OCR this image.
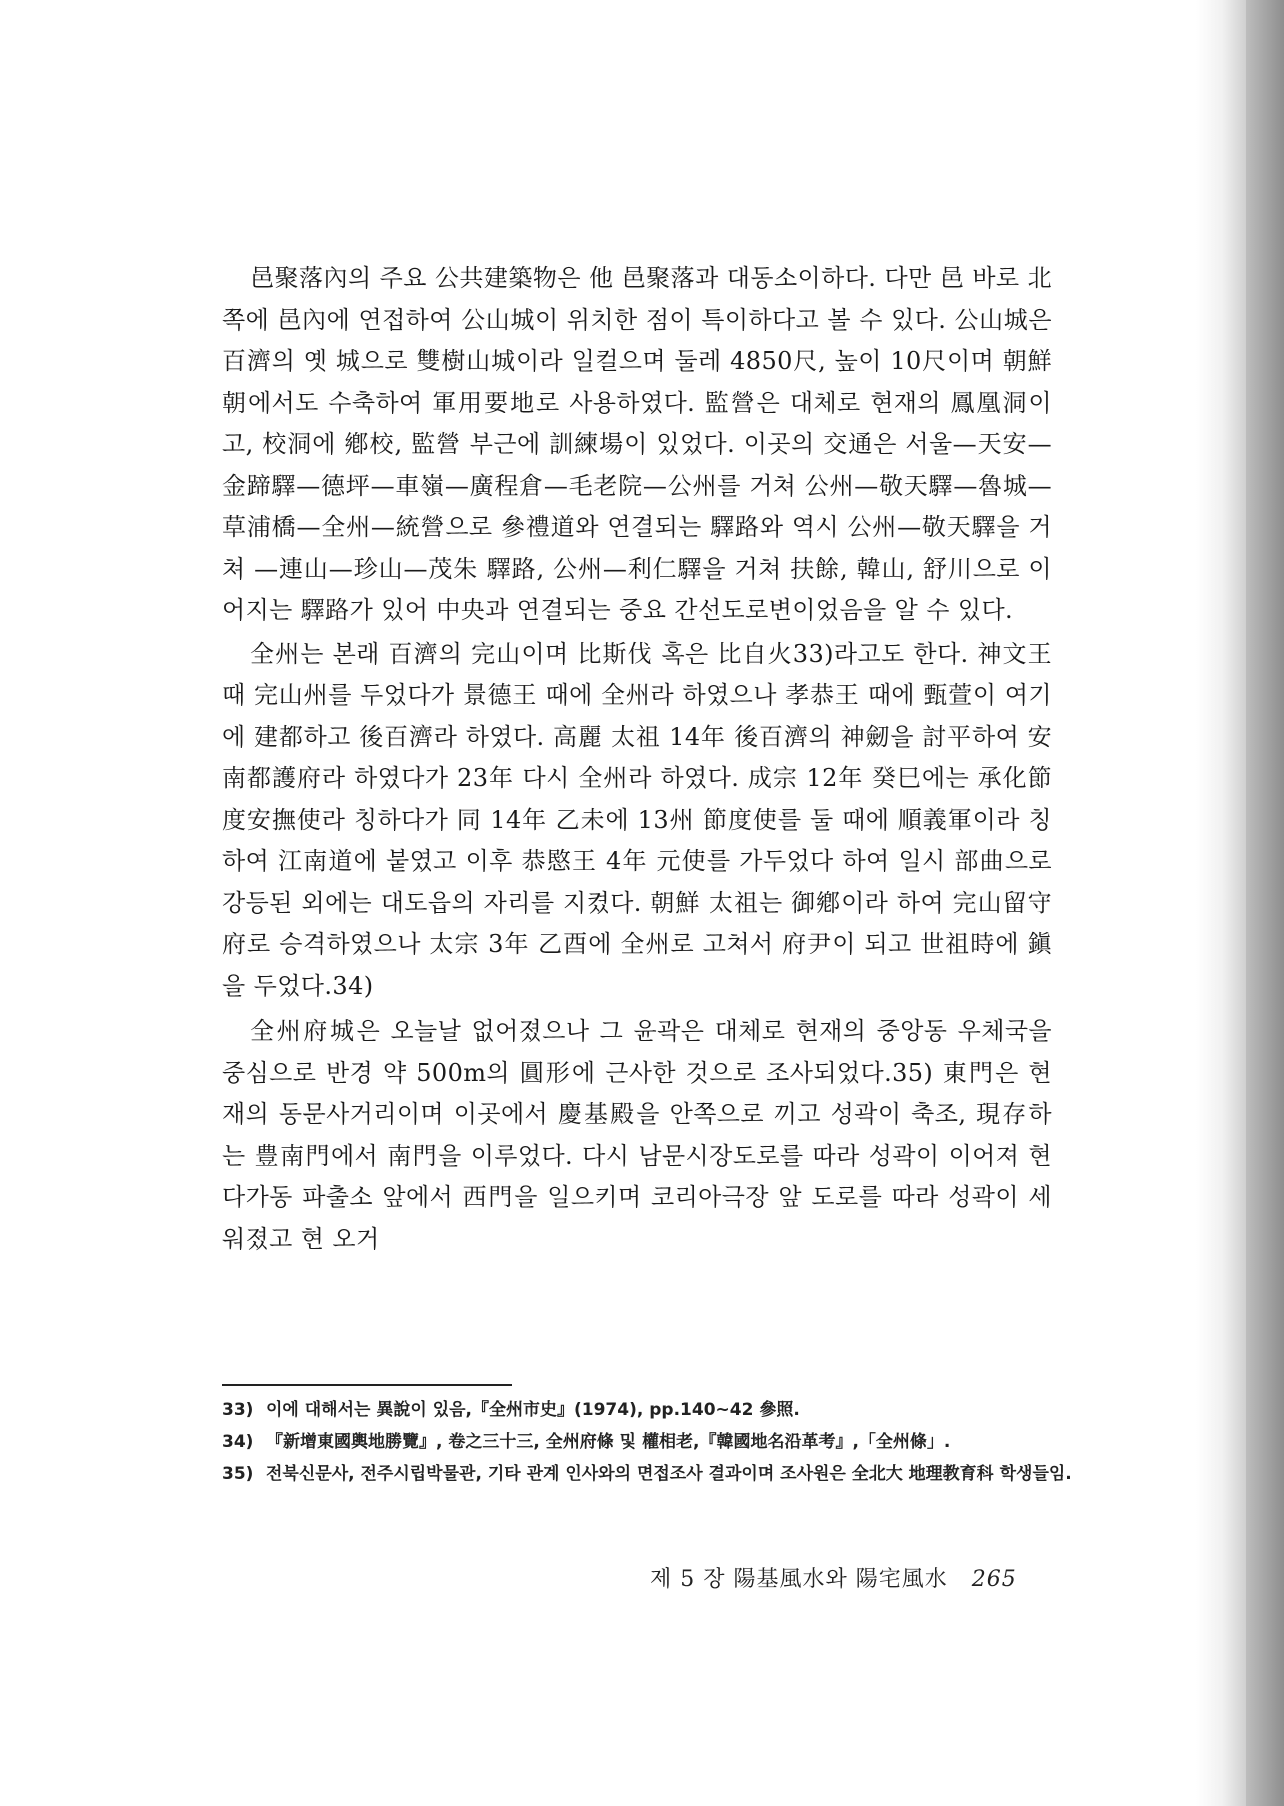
邑聚落內의 주요 公共建築物은 他 邑聚落과 대동소이하다. 다만 邑 바로 北쪽에 邑內에 연접하여 公山城이 위치한 점이 특이하다고 볼 수 있다. 公山城은 百濟의 옛 城으로 雙樹山城이라 일컬으며 둘레 4850尺, 높이 10尺이며 朝鮮朝에서도 수축하여 軍用要地로 사용하였다. 監營은 대체로 현재의 鳳凰洞이고, 校洞에 鄕校, 監營 부근에 訓練場이 있었다. 이곳의 交通은 서울—天安—金蹄驛—德坪—車嶺—廣程倉—毛老院—公州를 거쳐 公州—敬天驛—魯城—草浦橋—全州—統營으로 參禮道와 연결되는 驛路와 역시 公州—敬天驛을 거쳐 —連山—珍山—茂朱 驛路, 公州—利仁驛을 거쳐 扶餘, 韓山, 舒川으로 이어지는 驛路가 있어 中央과 연결되는 중요 간선도로변이었음을 알 수 있다.

全州는 본래 百濟의 完山이며 比斯伐 혹은 比自火33)라고도 한다. 神文王 때 完山州를 두었다가 景德王 때에 全州라 하였으나 孝恭王 때에 甄萱이 여기에 建都하고 後百濟라 하였다. 高麗 太祖 14年 後百濟의 神劒을 討平하여 安南都護府라 하였다가 23年 다시 全州라 하였다. 成宗 12年 癸巳에는 承化節度安撫使라 칭하다가 同 14年 乙未에 13州 節度使를 둘 때에 順義軍이라 칭하여 江南道에 붙였고 이후 恭愍王 4年 元使를 가두었다 하여 일시 部曲으로 강등된 외에는 대도읍의 자리를 지켰다. 朝鮮 太祖는 御鄕이라 하여 完山留守府로 승격하였으나 太宗 3年 乙酉에 全州로 고쳐서 府尹이 되고 世祖時에 鎭을 두었다.34)

全州府城은 오늘날 없어졌으나 그 윤곽은 대체로 현재의 중앙동 우체국을 중심으로 반경 약 500m의 圓形에 근사한 것으로 조사되었다.35) 東門은 현재의 동문사거리이며 이곳에서 慶基殿을 안쪽으로 끼고 성곽이 축조, 現存하는 豊南門에서 南門을 이루었다. 다시 남문시장도로를 따라 성곽이 이어져 현 다가동 파출소 앞에서 西門을 일으키며 코리아극장 앞 도로를 따라 성곽이 세워졌고 현 오거

33) 이에 대해서는 異說이 있음,『全州市史』(1974), pp.140~42 參照.
34) 『新增東國輿地勝覽』, 卷之三十三, 全州府條 및 權相老,『韓國地名沿革考』,「全州條」.
35) 전북신문사, 전주시립박물관, 기타 관계 인사와의 면접조사 결과이며 조사원은 全北大 地理教育科 학생들임.
제 5 장 陽基風水와 陽宅風水 265
